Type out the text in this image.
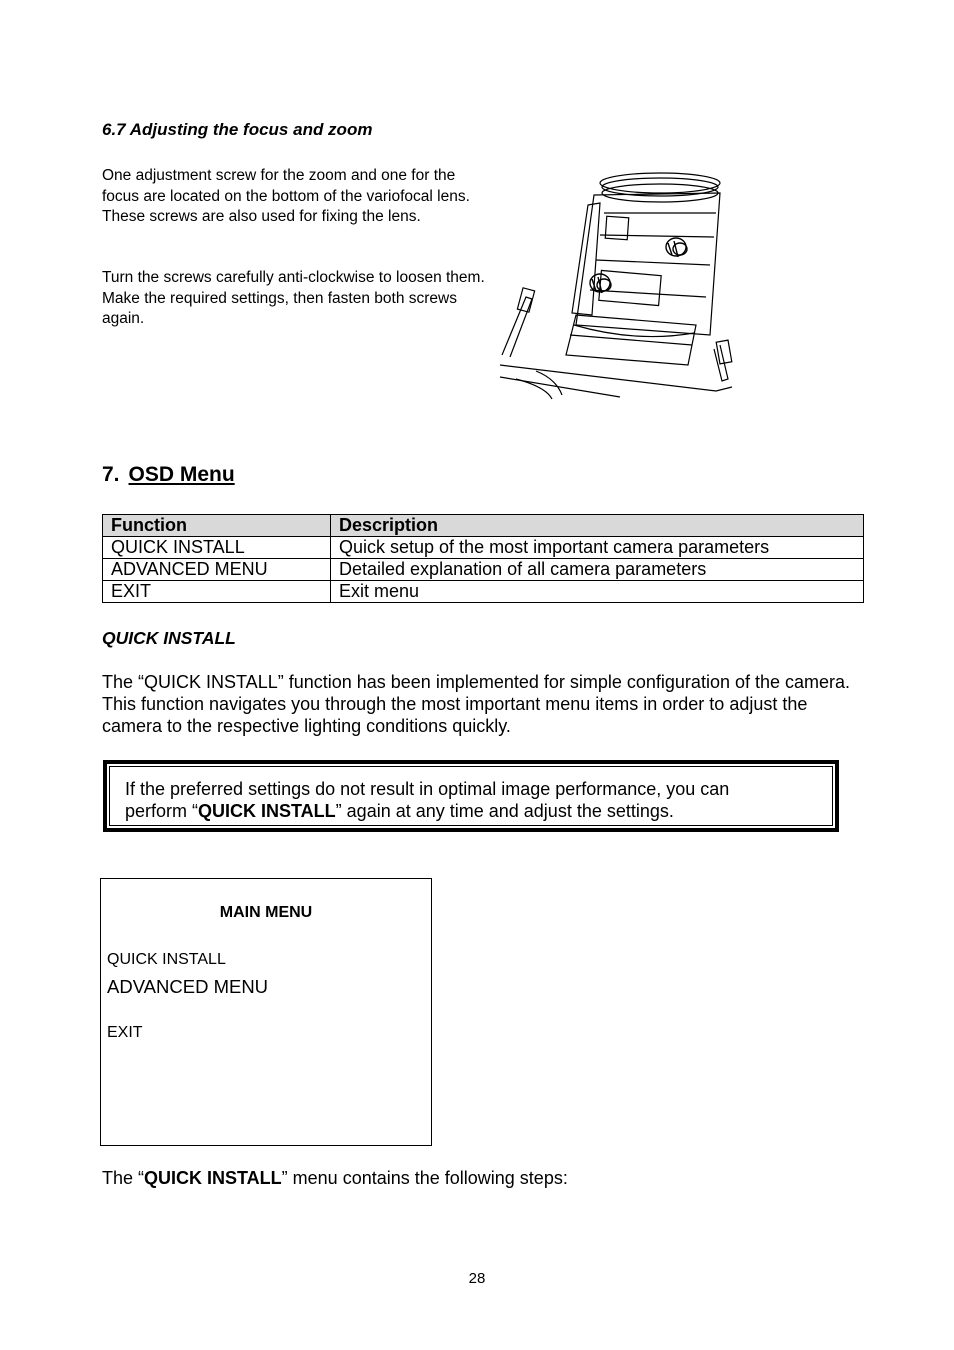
6.7 Adjusting the focus and zoom
One adjustment screw for the zoom and one for the focus are located on the bottom of the variofocal lens. These screws are also used for fixing the lens.
Turn the screws carefully anti-clockwise to loosen them. Make the required settings, then fasten both screws again.
7. OSD Menu
Function	Description
QUICK INSTALL	Quick setup of the most important camera parameters
ADVANCED MENU	Detailed explanation of all camera parameters
EXIT	Exit menu
QUICK INSTALL
The “QUICK INSTALL” function has been implemented for simple configuration of the camera. This function navigates you through the most important menu items in order to adjust the camera to the respective lighting conditions quickly.
If the preferred settings do not result in optimal image performance, you can
perform “QUICK INSTALL” again at any time and adjust the settings.
MAIN MENU
QUICK INSTALL
ADVANCED MENU
EXIT
The “QUICK INSTALL” menu contains the following steps:
28
